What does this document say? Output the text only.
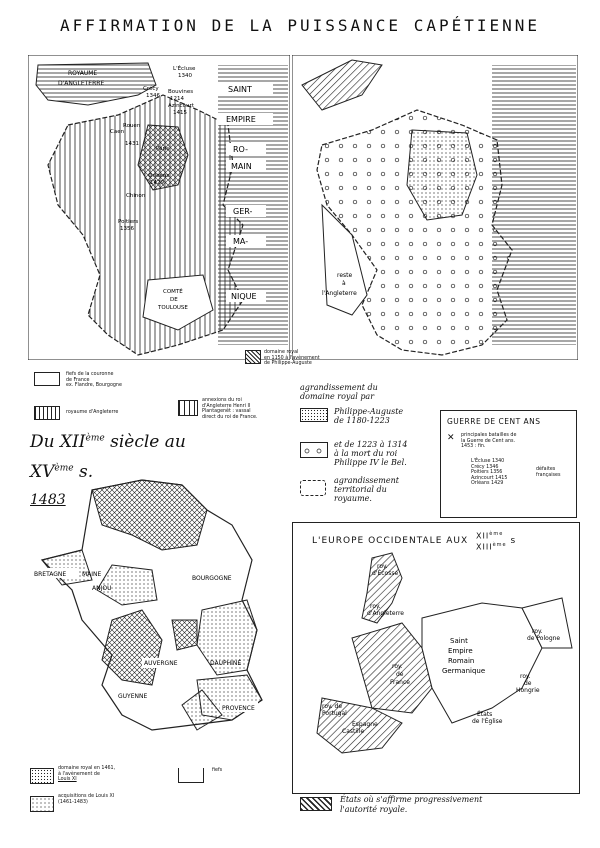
AFFIRMATION DE LA PUISSANCE CAPÉTIENNE
ROYAUME
D'ANGLETERRE
L'Écluse
1340
Crécy
1346
Bouvines
1214
Azincourt
1415
Caen
Rouen
1431
Paris
Orléans
1429
Chinon
Poitiers
1356
COMTÉ
DE
TOULOUSE
SAINT
EMPIRE
RO-
MAIN
GER-
MA-
NIQUE
reste
à
l'Angleterre
domaine royal
en 1150 à l'avènement
de Philippe-Auguste
fiefs de la couronne
de France
ex. Flandre, Bourgogne
royaume d'Angleterre
annexions du roi
d'Angleterre Henri II
Plantagenêt : vassal
direct du roi de France.
agrandissement du
domaine royal par
Philippe-Auguste
de 1180-1223
et de 1223 à 1314
à la mort du roi
Philippe IV le Bel.
agrandissement
territorial du
royaume.
GUERRE DE CENT ANS
✕ principales batailles de
la Guerre de Cent ans.
1453 : fin.
L'Écluse 1340
Crécy 1346
Poitiers 1356
Azincourt 1415
Orléans 1429
défaites
françaises
Du XIIème siècle au
XVème s.
1483
BRETAGNE	MAINE
ANJOU
AUVERGNE
GUYENNE
PROVENCE
DAUPHINÉ
BOURGOGNE
domaine royal en 1461,
à l'avènement de
Louis XI
fiefs
acquisitions de Louis XI
(1461-1483)
L'EUROPE OCCIDENTALE AUX XIIème
XIIIème s
roy.
d'Écosse
roy.
d'Angleterre
roy.
de
France
Saint
Empire
Romain
Germanique
roy.
de Pologne
roy.
de
Hongrie
roy. de
Portugal
Castille
Espagne
États
de l'Église
États où s'affirme progressivement
l'autorité royale.
